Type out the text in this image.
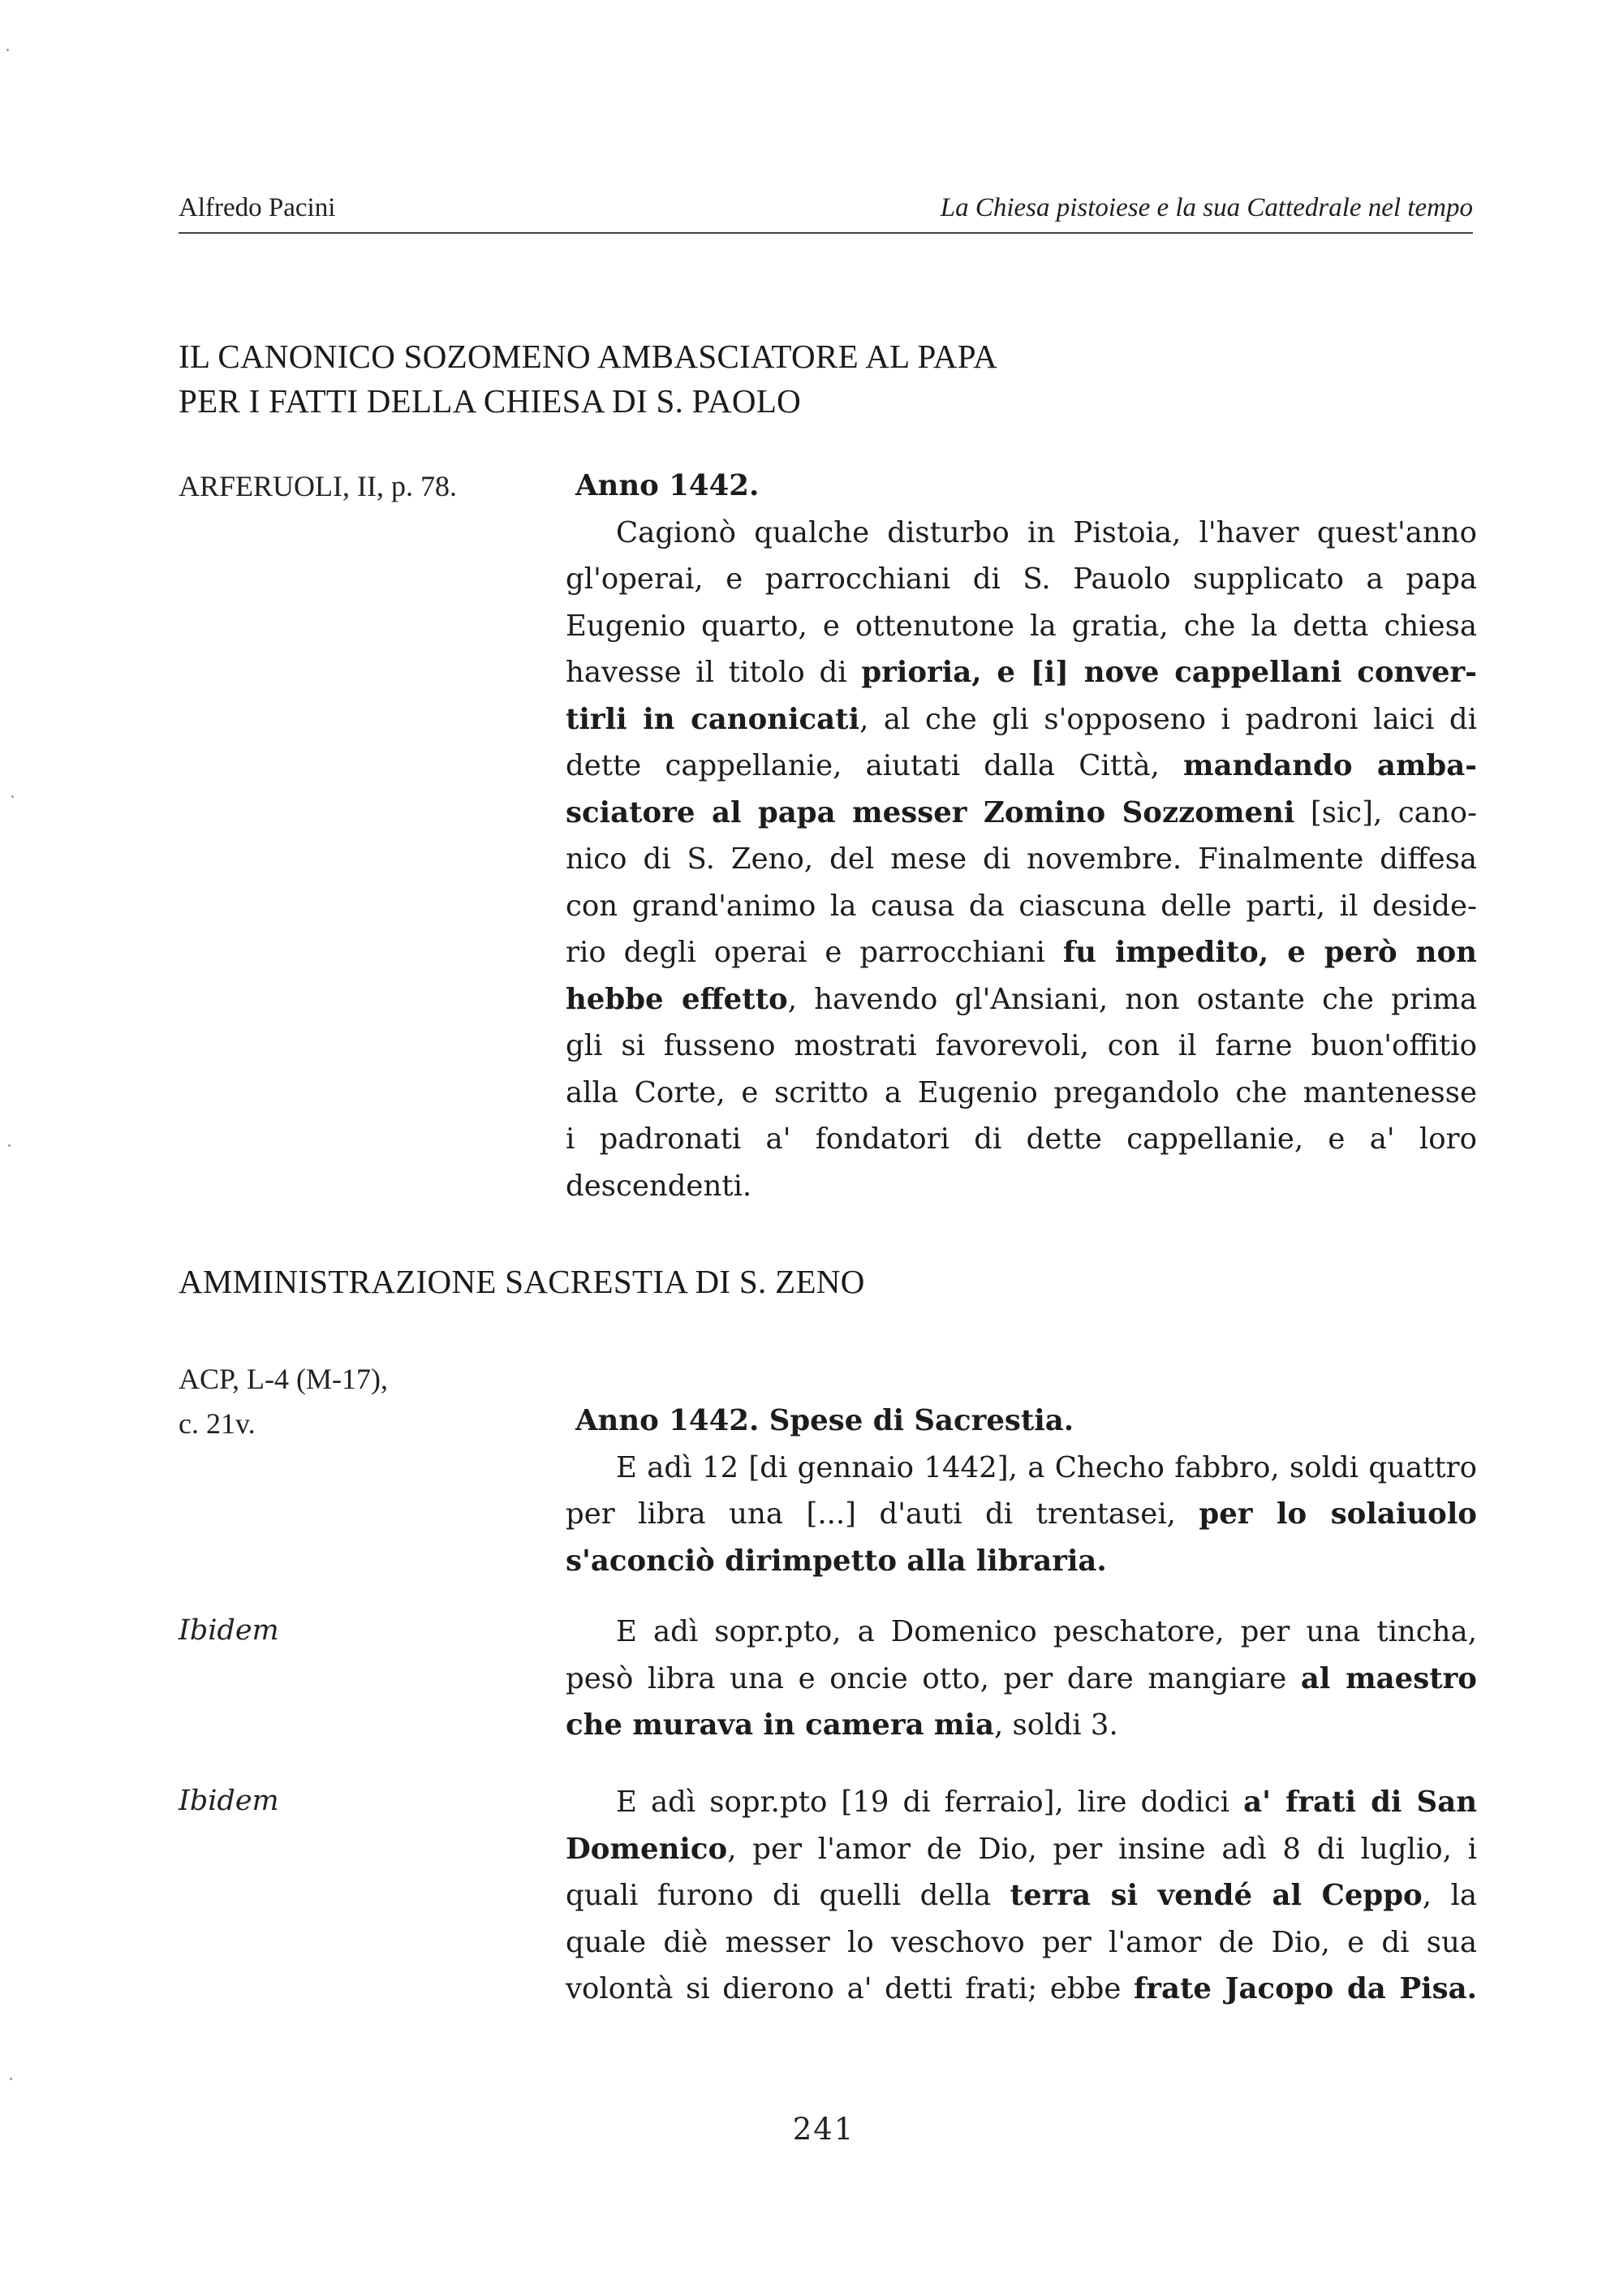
Alfredo Pacini	La Chiesa pistoiese e la sua Cattedrale nel tempo
IL CANONICO SOZOMENO AMBASCIATORE AL PAPA
PER I FATTI DELLA CHIESA DI S. PAOLO
ARFERUOLI, II, p. 78.	Anno 1442.
Cagionò qualche disturbo in Pistoia, l'haver quest'anno
gl'operai, e parrocchiani di S. Pauolo supplicato a papa
Eugenio quarto, e ottenutone la gratia, che la detta chiesa
havesse il titolo di prioria, e [i] nove cappellani conver-
tirli in canonicati, al che gli s'opposeno i padroni laici di
dette cappellanie, aiutati dalla Città, mandando amba-
sciatore al papa messer Zomino Sozzomeni [sic], cano-
nico di S. Zeno, del mese di novembre. Finalmente diffesa
con grand'animo la causa da ciascuna delle parti, il deside-
rio degli operai e parrocchiani fu impedito, e però non
hebbe effetto, havendo gl'Ansiani, non ostante che prima
gli si fusseno mostrati favorevoli, con il farne buon'offitio
alla Corte, e scritto a Eugenio pregandolo che mantenesse
i padronati a' fondatori di dette cappellanie, e a' loro
descendenti.
AMMINISTRAZIONE SACRESTIA DI S. ZENO
ACP, L-4 (M-17),
c. 21v.	Anno 1442. Spese di Sacrestia.
E adì 12 [di gennaio 1442], a Checho fabbro, soldi quattro
per libra una [...] d'auti di trentasei, per lo solaiuolo
s'aconciò dirimpetto alla libraria.
Ibidem	E adì sopr.pto, a Domenico peschatore, per una tincha,
pesò libra una e oncie otto, per dare mangiare al maestro
che murava in camera mia, soldi 3.
Ibidem	E adì sopr.pto [19 di ferraio], lire dodici a' frati di San
Domenico, per l'amor de Dio, per insine adì 8 di luglio, i
quali furono di quelli della terra si vendé al Ceppo, la
quale diè messer lo veschovo per l'amor de Dio, e di sua
volontà si dierono a' detti frati; ebbe frate Jacopo da Pisa.
241
